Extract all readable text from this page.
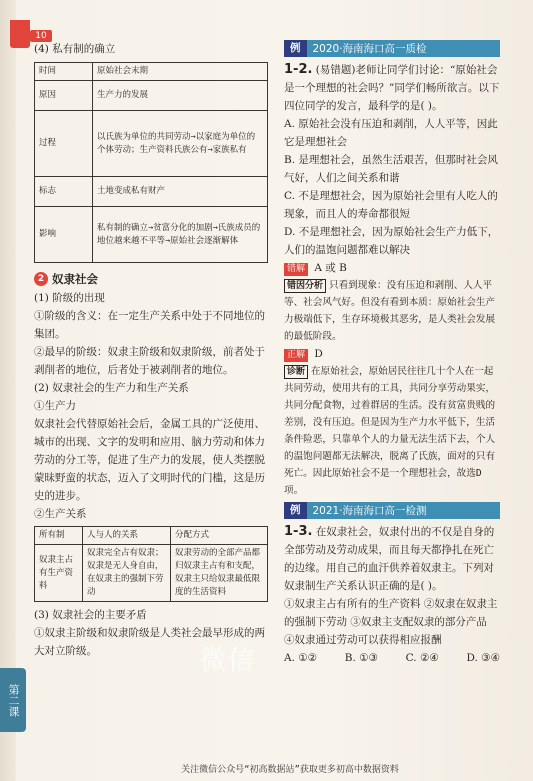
10
第二课
(4) 私有制的确立
时间	原始社会末期
原因	生产力的发展
过程	以氏族为单位的共同劳动→以家庭为单位的个体劳动；生产资料氏族公有→家族私有
标志	土地变成私有财产
影响	私有制的确立→贫富分化的加剧→氏族成员的地位越来越不平等→原始社会逐渐解体
2 奴隶社会
(1) 阶级的出现
①阶级的含义：在一定生产关系中处于不同地位的集团。
②最早的阶级：奴隶主阶级和奴隶阶级，前者处于剥削者的地位，后者处于被剥削者的地位。
(2) 奴隶社会的生产力和生产关系
①生产力
奴隶社会代替原始社会后，金属工具的广泛使用、城市的出现、文字的发明和应用、脑力劳动和体力劳动的分工等，促进了生产力的发展，使人类摆脱蒙昧野蛮的状态，迈入了文明时代的门槛，这是历史的进步。
②生产关系
所有制	人与人的关系	分配方式
奴隶主占有生产资料	奴隶完全占有奴隶；奴隶是无人身自由，在奴隶主的强制下劳动	奴隶劳动的全部产品都归奴隶主占有和支配，奴隶主只给奴隶最低限度的生活资料
(3) 奴隶社会的主要矛盾
①奴隶主阶级和奴隶阶级是人类社会最早形成的两大对立阶级。
例	2020·海南海口高一质检
1-2. (易错题)老师让同学们讨论：“原始社会是一个理想的社会吗？”同学们畅所欲言。以下四位同学的发言，最科学的是( )。
A. 原始社会没有压迫和剥削，人人平等，因此它是理想社会
B. 是理想社会，虽然生活艰苦，但那时社会风气好，人们之间关系和谐
C. 不是理想社会，因为原始社会里有人吃人的现象，而且人的寿命都很短
D. 不是理想社会，因为原始社会生产力低下，人们的温饱问题都难以解决
错解 A 或 B
错因分析 只看到现象：没有压迫和剥削、人人平等、社会风气好。但没有看到本质：原始社会生产力极端低下，生存环境极其恶劣，是人类社会发展的最低阶段。
正解 D
诊断 在原始社会，原始居民往往几十个人在一起共同劳动，使用共有的工具，共同分享劳动果实，共同分配食物，过着群居的生活。没有贫富贵贱的差别，没有压迫。但是因为生产力水平低下，生活条件险恶，只靠单个人的力量无法生活下去，个人的温饱问题都无法解决，脱离了氏族，面对的只有死亡。因此原始社会不是一个理想社会，故选D项。
例	2021·海南海口高一检测
1-3. 在奴隶社会，奴隶付出的不仅是自身的全部劳动及劳动成果，而且每天都挣扎在死亡的边缘。用自己的血汗供养着奴隶主。下列对奴隶制生产关系认识正确的是( )。
①奴隶主占有所有的生产资料 ②奴隶在奴隶主的强制下劳动 ③奴隶主支配奴隶的部分产品 ④奴隶通过劳动可以获得相应报酬
A. ①②	B. ①③	C. ②④	D. ③④
微信
关注微信公众号“初高数据站”获取更多初高中数据资料
